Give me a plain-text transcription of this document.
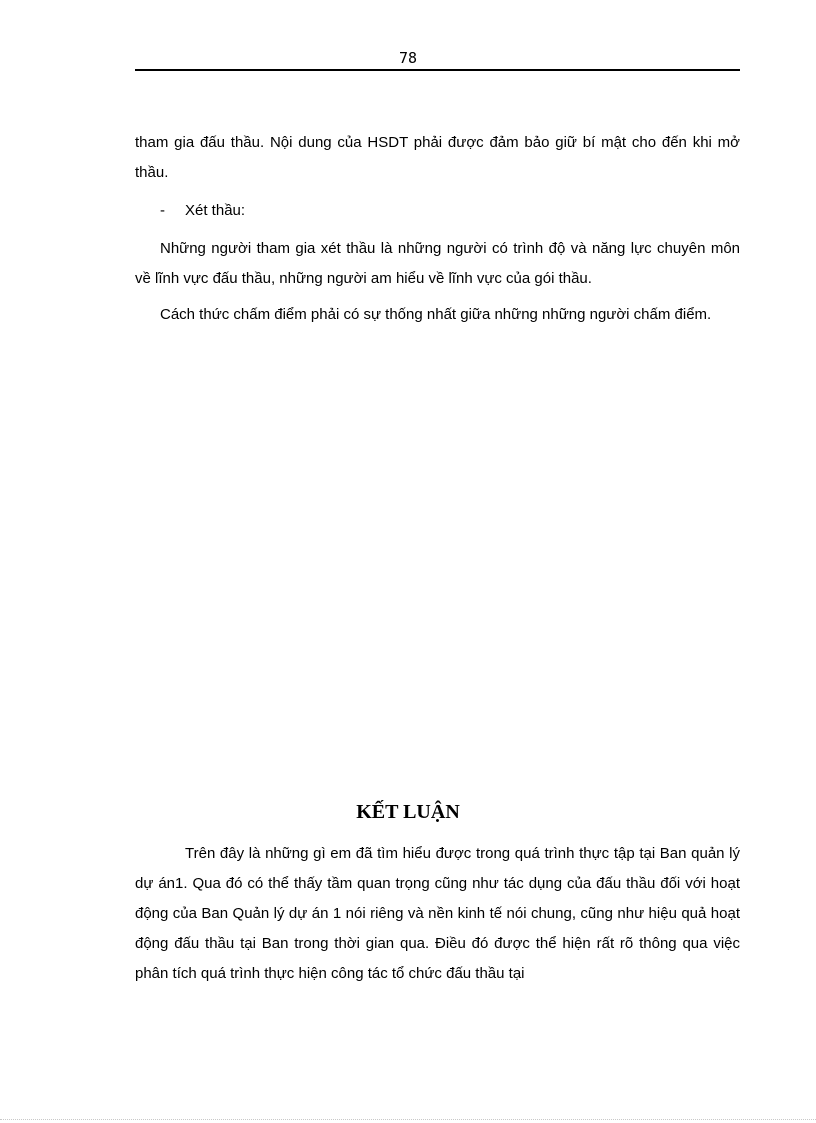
78

tham gia đấu thầu. Nội dung của HSDT phải được đảm bảo giữ bí mật cho đến khi mở thầu.

- Xét thầu:

Những người tham gia xét thầu là những người có trình độ và năng lực chuyên môn về lĩnh vực đấu thầu, những người am hiểu về lĩnh vực của gói thầu.

Cách thức chấm điểm phải có sự thống nhất giữa những những người chấm điểm.

KẾT LUẬN
Trên đây là những gì em đã tìm hiểu được trong quá trình thực tập tại Ban quản lý dự án1. Qua đó có thể thấy tầm quan trọng cũng như tác dụng của đấu thầu đối với hoạt động của Ban Quản lý dự án 1 nói riêng và nền kinh tế nói chung, cũng như hiệu quả hoạt động đấu thầu tại Ban trong thời gian qua. Điều đó được thể hiện rất rõ thông qua việc phân tích quá trình thực hiện công tác tổ chức đấu thầu tại
